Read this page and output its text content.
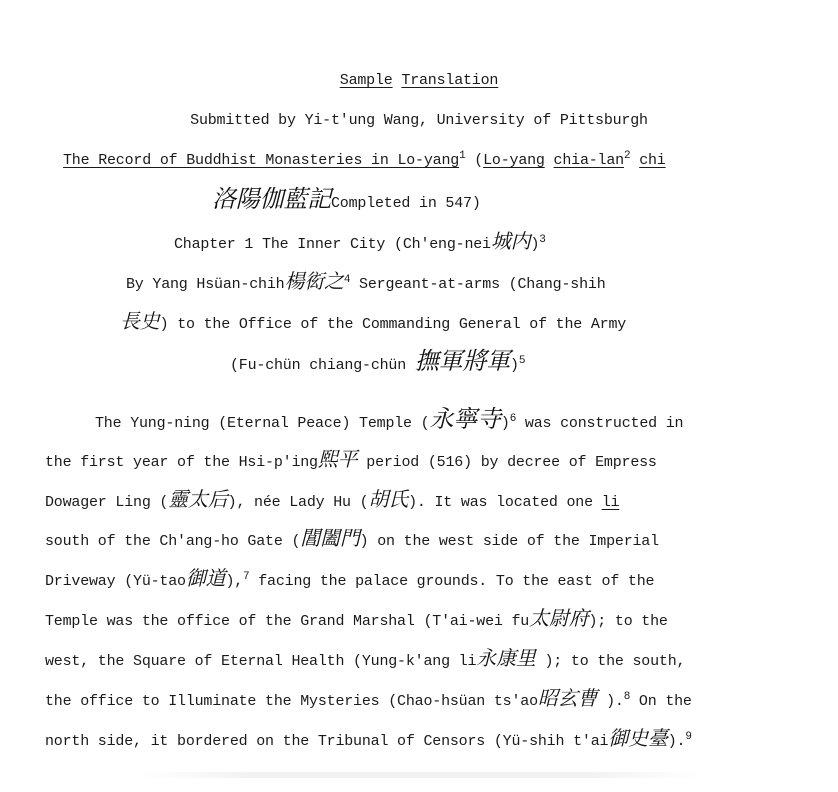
Sample Translation
Submitted by Yi-t'ung Wang, University of Pittsburgh
The Record of Buddhist Monasteries in Lo-yang$^1$ (Lo-yang chia-lan$^2$ chi
洛陽伽藍記Completed in 547)
Chapter 1 The Inner City (Ch'eng-nei城内)$^3$
By Yang Hsüan-chih楊衒之$^4$ Sergeant-at-arms (Chang-shih
長史) to the Office of the Commanding General of the Army
(Fu-chün chiang-chün 撫軍將軍)$^5$
The Yung-ning (Eternal Peace) Temple (永寧寺)$^6$ was constructed in
the first year of the Hsi-p'ing熙平 period (516) by decree of Empress
Dowager Ling (靈太后), née Lady Hu (胡氏). It was located one li
south of the Ch'ang-ho Gate (閶闔門) on the west side of the Imperial
Driveway (Yü-tao御道),$^7$ facing the palace grounds. To the east of the
Temple was the office of the Grand Marshal (T'ai-wei fu太尉府); to the
west, the Square of Eternal Health (Yung-k'ang li永康里 ); to the south,
the office to Illuminate the Mysteries (Chao-hsüan ts'ao昭玄曹 ).$^8$ On the
north side, it bordered on the Tribunal of Censors (Yü-shih t'ai御史臺).$^9$
